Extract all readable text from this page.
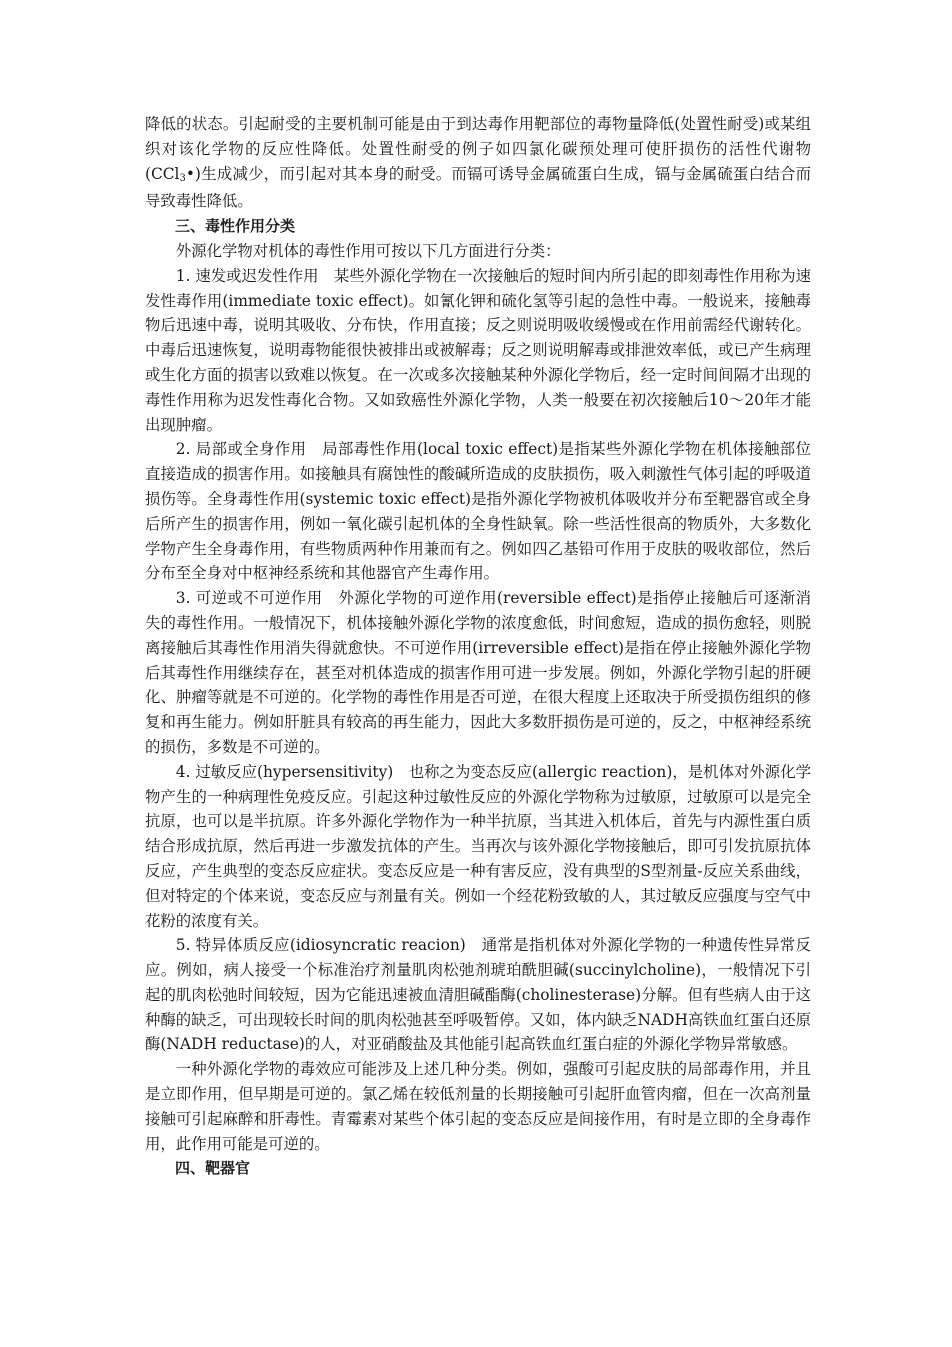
降低的状态。引起耐受的主要机制可能是由于到达毒作用靶部位的毒物量降低(处置性耐受)或某组织对该化学物的反应性降低。处置性耐受的例子如四氯化碳预处理可使肝损伤的活性代谢物(CCl3•)生成减少，而引起对其本身的耐受。而镉可诱导金属硫蛋白生成，镉与金属硫蛋白结合而导致毒性降低。

三、毒性作用分类

外源化学物对机体的毒性作用可按以下几方面进行分类：

1. 速发或迟发性作用　某些外源化学物在一次接触后的短时间内所引起的即刻毒性作用称为速发性毒作用(immediate toxic effect)。如氰化钾和硫化氢等引起的急性中毒。一般说来，接触毒物后迅速中毒，说明其吸收、分布快，作用直接；反之则说明吸收缓慢或在作用前需经代谢转化。中毒后迅速恢复，说明毒物能很快被排出或被解毒；反之则说明解毒或排泄效率低，或已产生病理或生化方面的损害以致难以恢复。在一次或多次接触某种外源化学物后，经一定时间间隔才出现的毒性作用称为迟发性毒化合物。又如致癌性外源化学物，人类一般要在初次接触后10～20年才能出现肿瘤。

2. 局部或全身作用　局部毒性作用(local toxic effect)是指某些外源化学物在机体接触部位直接造成的损害作用。如接触具有腐蚀性的酸碱所造成的皮肤损伤，吸入刺激性气体引起的呼吸道损伤等。全身毒性作用(systemic toxic effect)是指外源化学物被机体吸收并分布至靶器官或全身后所产生的损害作用，例如一氧化碳引起机体的全身性缺氧。除一些活性很高的物质外，大多数化学物产生全身毒作用，有些物质两种作用兼而有之。例如四乙基铅可作用于皮肤的吸收部位，然后分布至全身对中枢神经系统和其他器官产生毒作用。

3. 可逆或不可逆作用　外源化学物的可逆作用(reversible effect)是指停止接触后可逐渐消失的毒性作用。一般情况下，机体接触外源化学物的浓度愈低，时间愈短，造成的损伤愈轻，则脱离接触后其毒性作用消失得就愈快。不可逆作用(irreversible effect)是指在停止接触外源化学物后其毒性作用继续存在，甚至对机体造成的损害作用可进一步发展。例如，外源化学物引起的肝硬化、肿瘤等就是不可逆的。化学物的毒性作用是否可逆，在很大程度上还取决于所受损伤组织的修复和再生能力。例如肝脏具有较高的再生能力，因此大多数肝损伤是可逆的，反之，中枢神经系统的损伤，多数是不可逆的。

4. 过敏反应(hypersensitivity)　也称之为变态反应(allergic reaction)，是机体对外源化学物产生的一种病理性免疫反应。引起这种过敏性反应的外源化学物称为过敏原，过敏原可以是完全抗原，也可以是半抗原。许多外源化学物作为一种半抗原，当其进入机体后，首先与内源性蛋白质结合形成抗原，然后再进一步激发抗体的产生。当再次与该外源化学物接触后，即可引发抗原抗体反应，产生典型的变态反应症状。变态反应是一种有害反应，没有典型的S型剂量-反应关系曲线，但对特定的个体来说，变态反应与剂量有关。例如一个经花粉致敏的人，其过敏反应强度与空气中花粉的浓度有关。

5. 特异体质反应(idiosyncratic reacion)　通常是指机体对外源化学物的一种遗传性异常反应。例如，病人接受一个标准治疗剂量肌肉松弛剂琥珀酰胆碱(succinylcholine)，一般情况下引起的肌肉松弛时间较短，因为它能迅速被血清胆碱酯酶(cholinesterase)分解。但有些病人由于这种酶的缺乏，可出现较长时间的肌肉松弛甚至呼吸暂停。又如，体内缺乏NADH高铁血红蛋白还原酶(NADH reductase)的人，对亚硝酸盐及其他能引起高铁血红蛋白症的外源化学物异常敏感。

一种外源化学物的毒效应可能涉及上述几种分类。例如，强酸可引起皮肤的局部毒作用，并且是立即作用，但早期是可逆的。氯乙烯在较低剂量的长期接触可引起肝血管肉瘤，但在一次高剂量接触可引起麻醉和肝毒性。青霉素对某些个体引起的变态反应是间接作用，有时是立即的全身毒作用，此作用可能是可逆的。

四、靶器官
